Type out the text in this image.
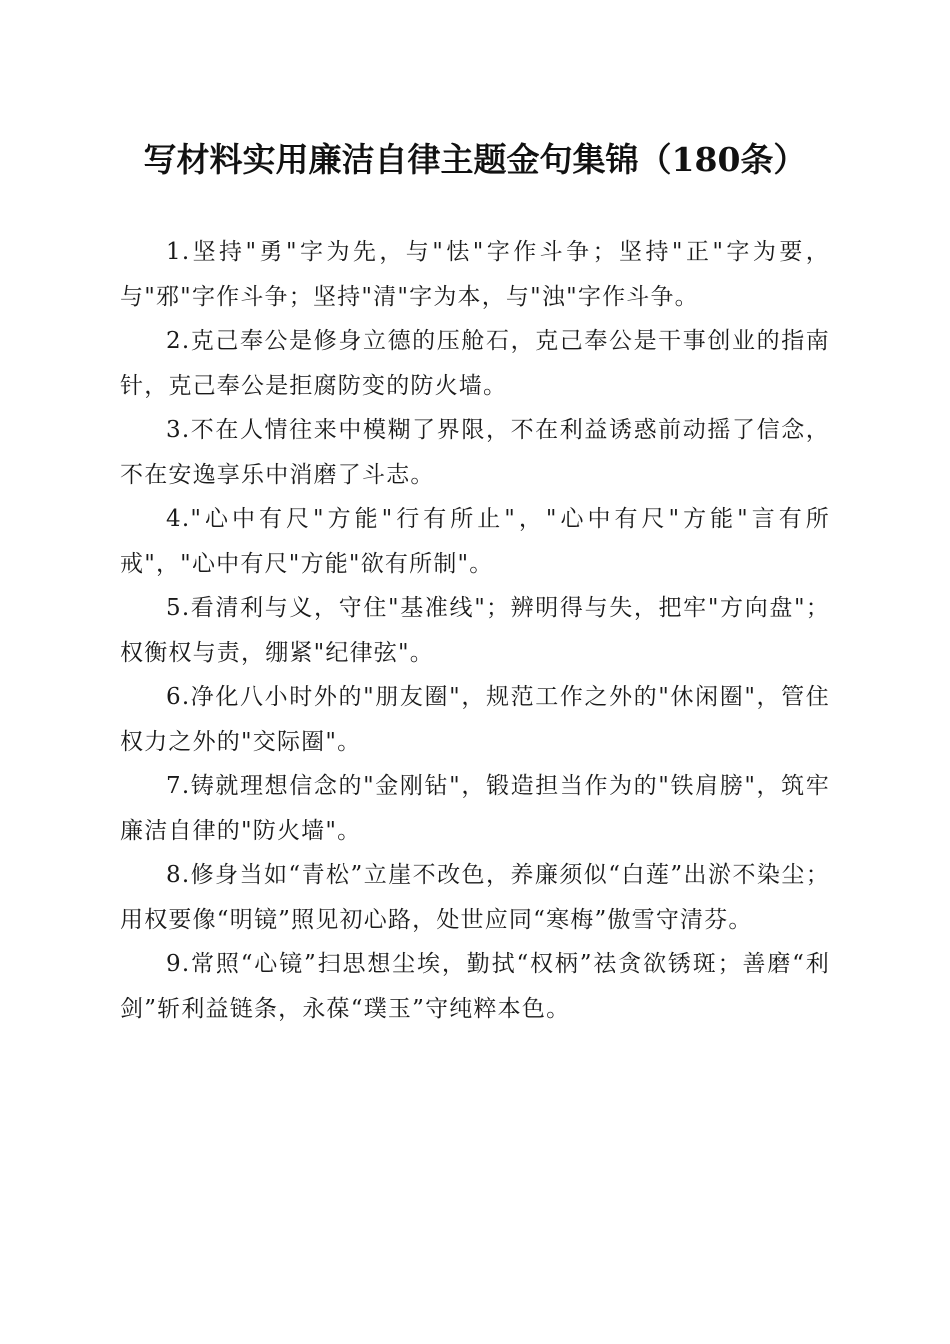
写材料实用廉洁自律主题金句集锦（180条）

1.坚持"勇"字为先，与"怯"字作斗争；坚持"正"字为要，与"邪"字作斗争；坚持"清"字为本，与"浊"字作斗争。

2.克己奉公是修身立德的压舱石，克己奉公是干事创业的指南针，克己奉公是拒腐防变的防火墙。

3.不在人情往来中模糊了界限，不在利益诱惑前动摇了信念，不在安逸享乐中消磨了斗志。

4."心中有尺"方能"行有所止"，"心中有尺"方能"言有所戒"，"心中有尺"方能"欲有所制"。

5.看清利与义，守住"基准线"；辨明得与失，把牢"方向盘"；权衡权与责，绷紧"纪律弦"。

6.净化八小时外的"朋友圈"，规范工作之外的"休闲圈"，管住权力之外的"交际圈"。

7.铸就理想信念的"金刚钻"，锻造担当作为的"铁肩膀"，筑牢廉洁自律的"防火墙"。

8.修身当如“青松”立崖不改色，养廉须似“白莲”出淤不染尘；用权要像“明镜”照见初心路，处世应同“寒梅”傲雪守清芬。

9.常照“心镜”扫思想尘埃，勤拭“权柄”祛贪欲锈斑；善磨“利剑”斩利益链条，永葆“璞玉”守纯粹本色。
